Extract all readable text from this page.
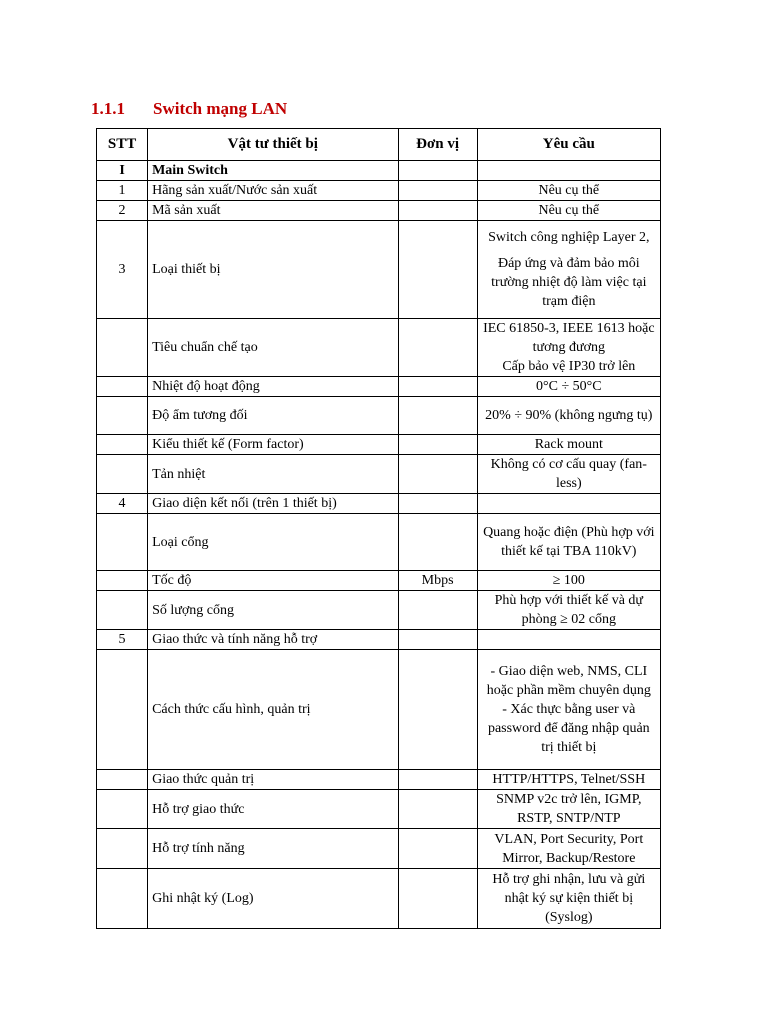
1.1.1 Switch mạng LAN
STT	Vật tư thiết bị	Đơn vị	Yêu cầu
I	Main Switch		
1	Hãng sản xuất/Nước sản xuất		Nêu cụ thể

2	Mã sản xuất		Nêu cụ thể

3	Loại thiết bị		Switch công nghiệp Layer 2,
Đáp ứng và đảm bảo môi trường nhiệt độ làm việc tại trạm điện

	Tiêu chuẩn chế tạo		IEC 61850-3, IEEE 1613 hoặc tương đương
Cấp bảo vệ IP30 trở lên

	Nhiệt độ hoạt động		0°C ÷ 50°C

	Độ ẩm tương đối		20% ÷ 90% (không ngưng tụ)

	Kiểu thiết kế (Form factor)		Rack mount

	Tản nhiệt		Không có cơ cấu quay (fan-less)

4	Giao diện kết nối (trên 1 thiết bị)		
	Loại cổng		Quang hoặc điện (Phù hợp với thiết kế tại TBA 110kV)

	Tốc độ	Mbps	≥ 100

	Số lượng cổng		Phù hợp với thiết kế và dự phòng ≥ 02 cổng

5	Giao thức và tính năng hỗ trợ		
	Cách thức cấu hình, quản trị		- Giao diện web, NMS, CLI hoặc phần mềm chuyên dụng
- Xác thực bằng user và password để đăng nhập quản trị thiết bị

	Giao thức quản trị		HTTP/HTTPS, Telnet/SSH

	Hỗ trợ giao thức		SNMP v2c trở lên, IGMP, RSTP, SNTP/NTP

	Hỗ trợ tính năng		VLAN, Port Security, Port Mirror, Backup/Restore

	Ghi nhật ký (Log)		Hỗ trợ ghi nhận, lưu và gửi nhật ký sự kiện thiết bị (Syslog)
